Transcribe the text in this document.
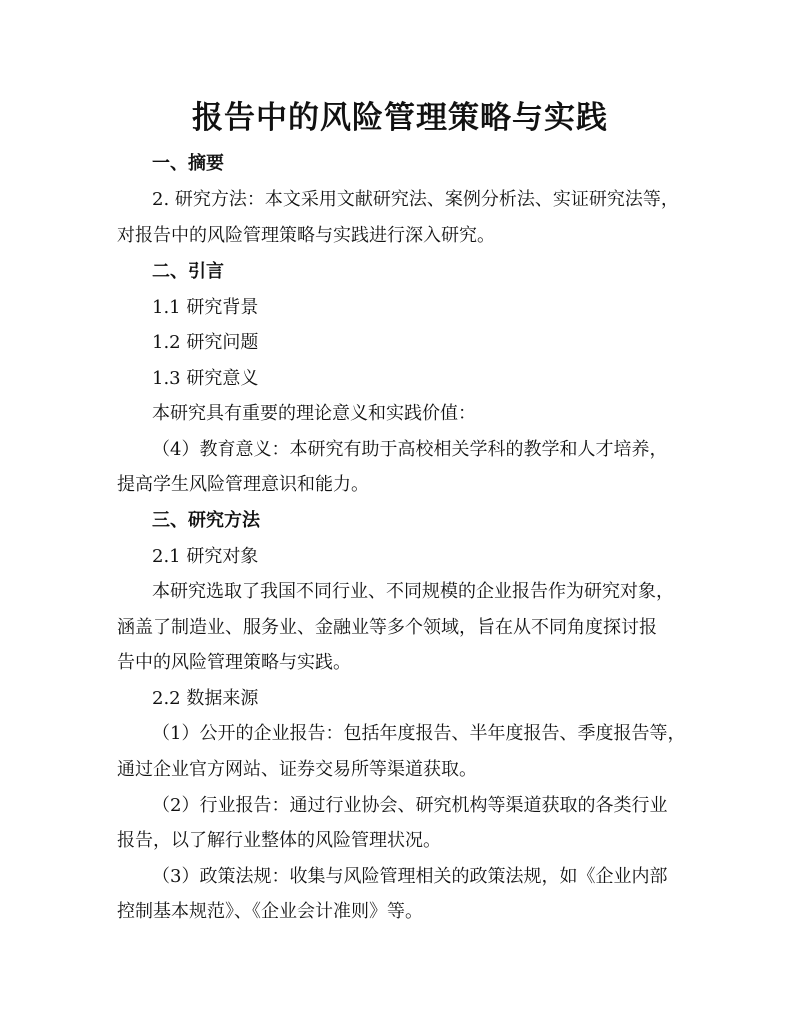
报告中的风险管理策略与实践

一、摘要

2. 研究方法：本文采用文献研究法、案例分析法、实证研究法等，

对报告中的风险管理策略与实践进行深入研究。

二、引言

1.1 研究背景

1.2 研究问题

1.3 研究意义

本研究具有重要的理论意义和实践价值：

（4）教育意义：本研究有助于高校相关学科的教学和人才培养，

提高学生风险管理意识和能力。

三、研究方法

2.1 研究对象

本研究选取了我国不同行业、不同规模的企业报告作为研究对象，

涵盖了制造业、服务业、金融业等多个领域，旨在从不同角度探讨报

告中的风险管理策略与实践。

2.2 数据来源

（1）公开的企业报告：包括年度报告、半年度报告、季度报告等，

通过企业官方网站、证券交易所等渠道获取。

（2）行业报告：通过行业协会、研究机构等渠道获取的各类行业

报告，以了解行业整体的风险管理状况。

（3）政策法规：收集与风险管理相关的政策法规，如《企业内部

控制基本规范》、《企业会计准则》等。
